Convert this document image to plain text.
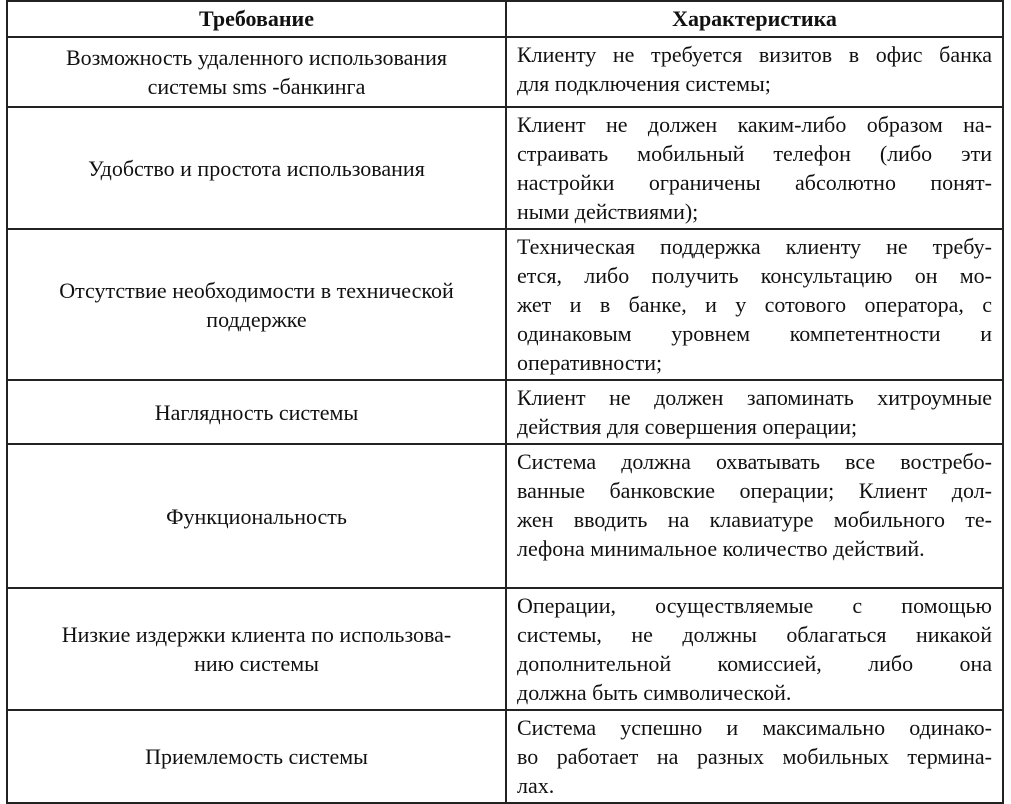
Требование	Характеристика

Возможность удаленного использования
системы sms -банкинга	Клиенту не требуется визитов в офис банка
для подключения системы;

Удобство и простота использования	Клиент не должен каким-либо образом на-
страивать мобильный телефон (либо эти
настройки ограничены абсолютно понят-
ными действиями);

Отсутствие необходимости в технической
поддержке	Техническая поддержка клиенту не требу-
ется, либо получить консультацию он мо-
жет и в банке, и у сотового оператора, с
одинаковым уровнем компетентности и
оперативности;

Наглядность системы	Клиент не должен запоминать хитроумные
действия для совершения операции;

Функциональность	Система должна охватывать все востребо-
ванные банковские операции; Клиент дол-
жен вводить на клавиатуре мобильного те-
лефона минимальное количество действий.

Низкие издержки клиента по использова-
нию системы	Операции, осуществляемые с помощью
системы, не должны облагаться никакой
дополнительной комиссией, либо она
должна быть символической.

Приемлемость системы	Система успешно и максимально одинако-
во работает на разных мобильных термина-
лах.
